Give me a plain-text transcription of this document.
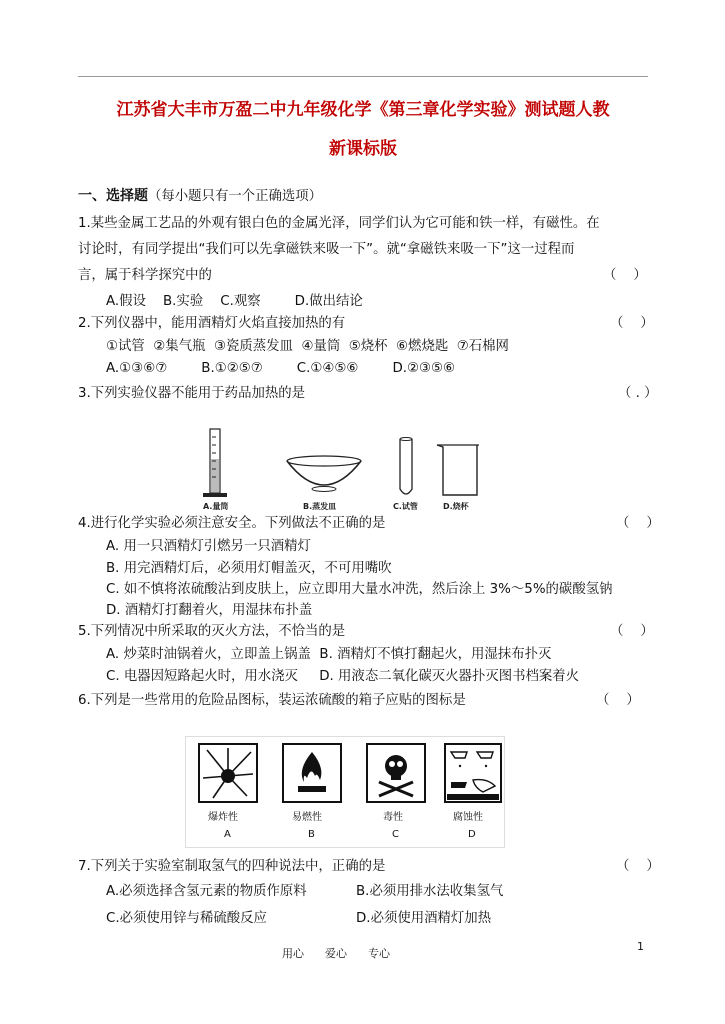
江苏省大丰市万盈二中九年级化学《第三章化学实验》测试题人教
新课标版
一、选择题（每小题只有一个正确选项）
1.某些金属工艺品的外观有银白色的金属光泽，同学们认为它可能和铁一样，有磁性。在
讨论时，有同学提出“我们可以先拿磁铁来吸一下”。就“拿磁铁来吸一下”这一过程而
言，属于科学探究中的	（    ）
A.假设    B.实验    C.观察        D.做出结论
2.下列仪器中，能用酒精灯火焰直接加热的有	（    ）
①试管  ②集气瓶  ③瓷质蒸发皿  ④量筒  ⑤烧杯  ⑥燃烧匙  ⑦石棉网
A.①③⑥⑦        B.①②⑤⑦        C.①④⑤⑥        D.②③⑤⑥
3.下列实验仪器不能用于药品加热的是	（ . ）
A.量筒	B.蒸发皿	C.试管	D.烧杯
4.进行化学实验必须注意安全。下列做法不正确的是	（    ）
A. 用一只酒精灯引燃另一只酒精灯
B. 用完酒精灯后，必须用灯帽盖灭，不可用嘴吹
C. 如不慎将浓硫酸沾到皮肤上，应立即用大量水冲洗，然后涂上 3%～5%的碳酸氢钠
D. 酒精灯打翻着火，用湿抹布扑盖
5.下列情况中所采取的灭火方法，不恰当的是	（    ）
A. 炒菜时油锅着火，立即盖上锅盖  B. 酒精灯不慎打翻起火，用湿抹布扑灭
C. 电器因短路起火时，用水浇灭     D. 用液态二氧化碳灭火器扑灭图书档案着火
6.下列是一些常用的危险品图标，装运浓硫酸的箱子应贴的图标是	（    ）
爆炸性	易燃性	毒性	腐蚀性
A	B	C	D
7.下列关于实验室制取氢气的四种说法中，正确的是	（    ）
A.必须选择含氢元素的物质作原料	B.必须用排水法收集氢气
C.必须使用锌与稀硫酸反应	D.必须使用酒精灯加热
用心      爱心      专心
1
